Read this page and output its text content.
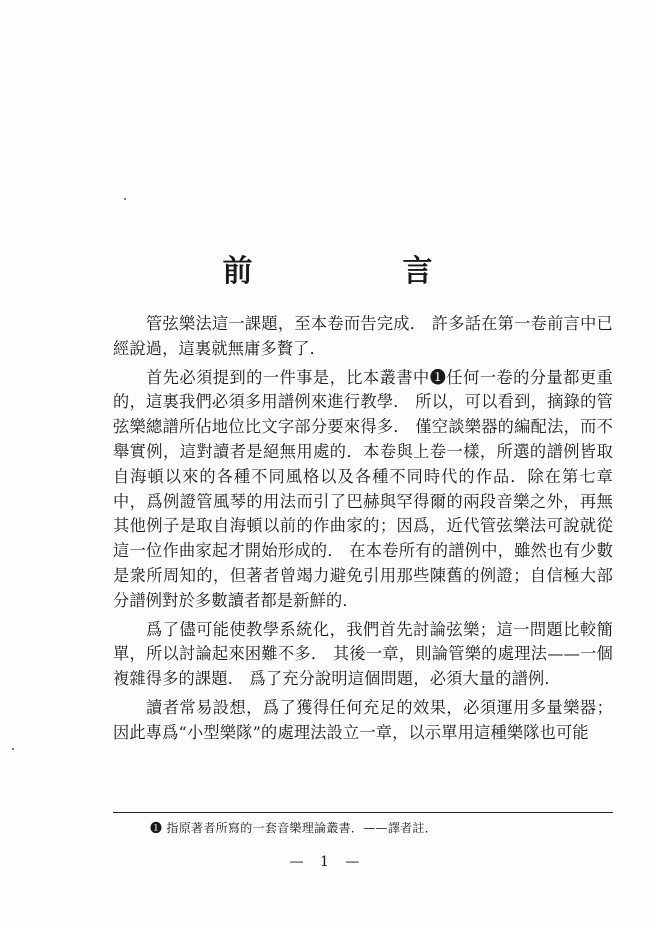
前　言

管弦樂法這一課題，至本卷而告完成． 許多話在第一卷前言中已經說過，這裏就無庸多贅了．

首先必須提到的一件事是，比本叢書中❶任何一卷的分量都更重的，這裏我們必須多用譜例來進行教學． 所以，可以看到，摘錄的管弦樂總譜所佔地位比文字部分要來得多． 僅空談樂器的編配法，而不舉實例，這對讀者是絕無用處的．本卷與上卷一樣，所選的譜例皆取自海頓以來的各種不同風格以及各種不同時代的作品．除在第七章中，爲例證管風琴的用法而引了巴赫與罕得爾的兩段音樂之外，再無其他例子是取自海頓以前的作曲家的；因爲，近代管弦樂法可說就從這一位作曲家起才開始形成的． 在本卷所有的譜例中，雖然也有少數是衆所周知的，但著者曾竭力避免引用那些陳舊的例證；自信極大部分譜例對於多數讀者都是新鮮的．

爲了儘可能使教學系統化，我們首先討論弦樂；這一問題比較簡單，所以討論起來困難不多． 其後一章，則論管樂的處理法——一個複雜得多的課題． 爲了充分說明這個問題，必須大量的譜例．

讀者常易設想，爲了獲得任何充足的效果，必須運用多量樂器；因此專爲“小型樂隊”的處理法設立一章，以示單用這種樂隊也可能

❶ 指原著者所寫的一套音樂理論叢書．——譯者註．
— 1 —
